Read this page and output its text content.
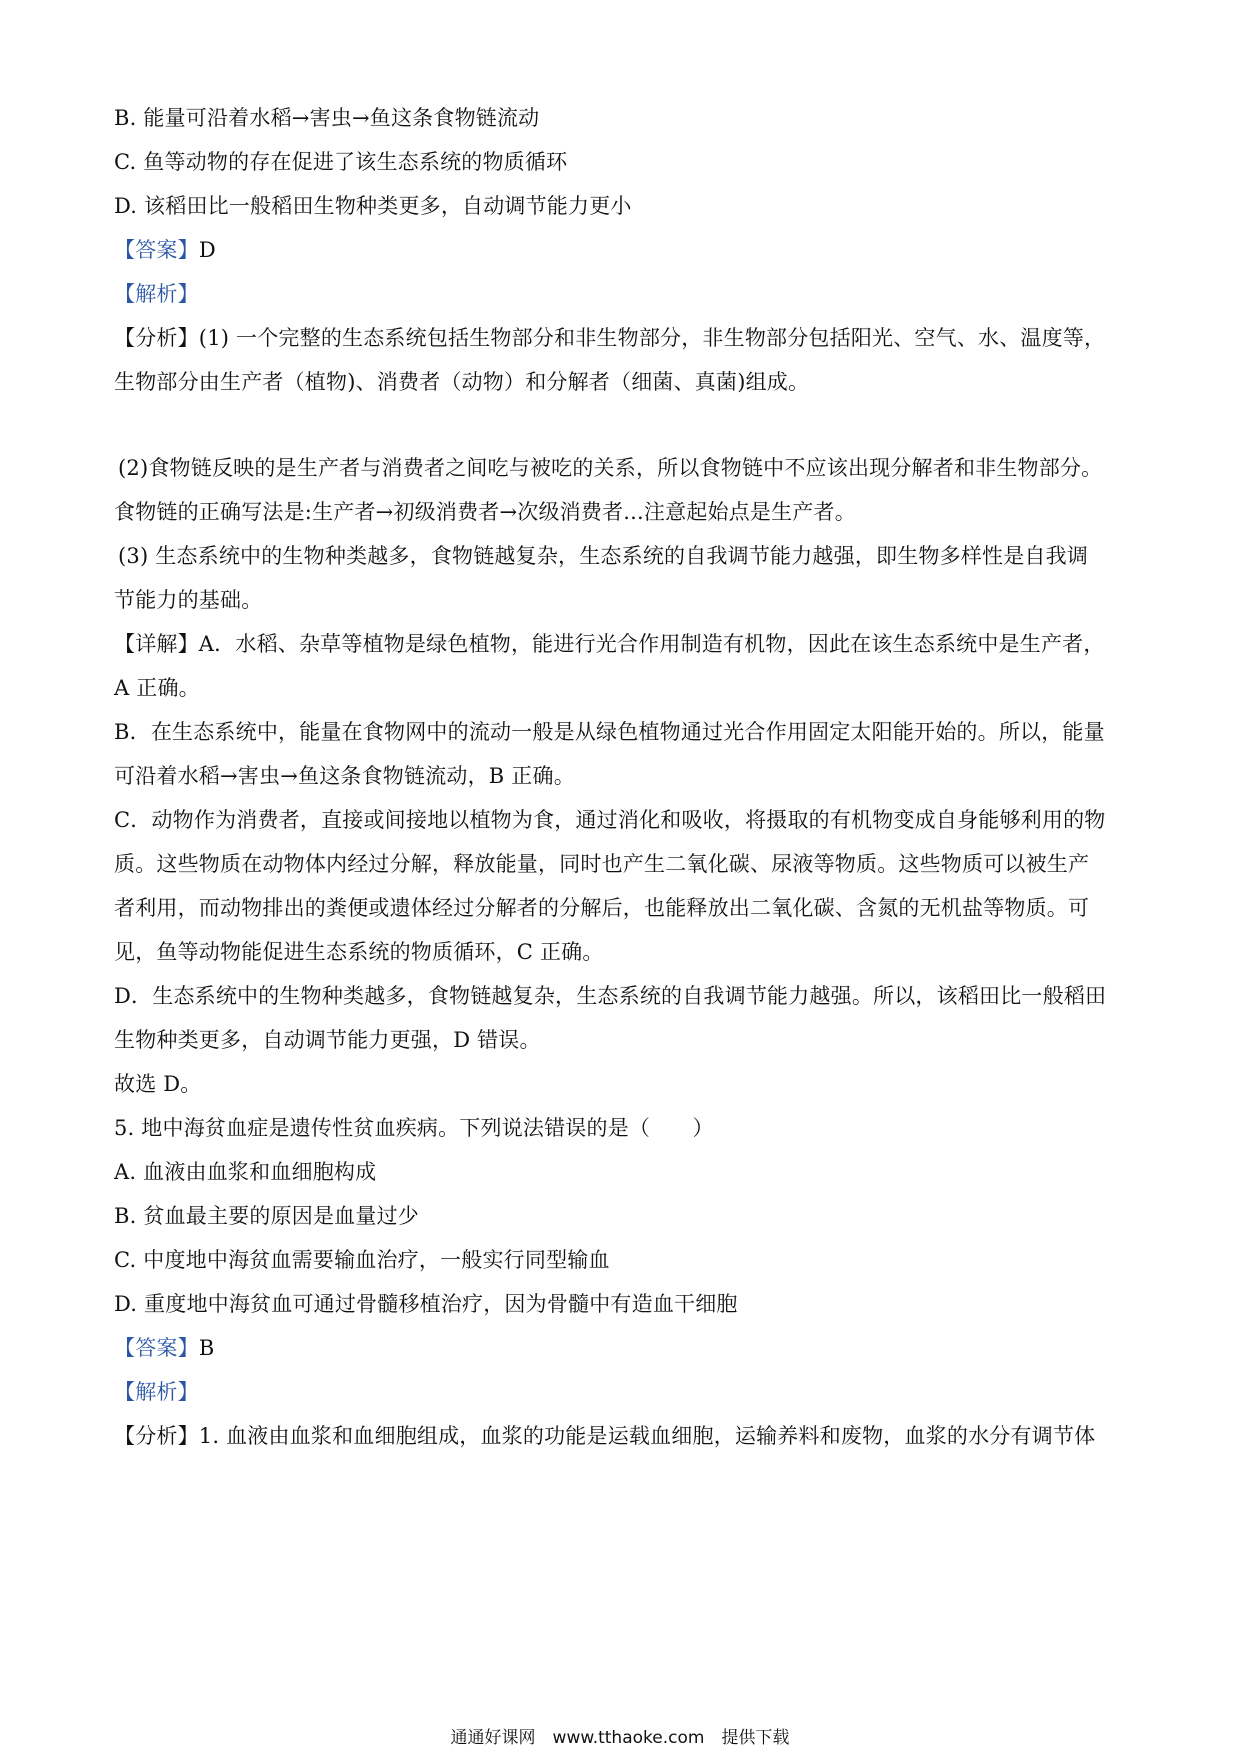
B. 能量可沿着水稻→害虫→鱼这条食物链流动
C. 鱼等动物的存在促进了该生态系统的物质循环
D. 该稻田比一般稻田生物种类更多，自动调节能力更小
【答案】D
【解析】
【分析】(1) 一个完整的生态系统包括生物部分和非生物部分，非生物部分包括阳光、空气、水、温度等，
生物部分由生产者（植物)、消费者（动物）和分解者（细菌、真菌)组成。
(2)食物链反映的是生产者与消费者之间吃与被吃的关系，所以食物链中不应该出现分解者和非生物部分。
食物链的正确写法是:生产者→初级消费者→次级消费者...注意起始点是生产者。
(3) 生态系统中的生物种类越多，食物链越复杂，生态系统的自我调节能力越强，即生物多样性是自我调
节能力的基础。
【详解】A．水稻、杂草等植物是绿色植物，能进行光合作用制造有机物，因此在该生态系统中是生产者，
A 正确。
B．在生态系统中，能量在食物网中的流动一般是从绿色植物通过光合作用固定太阳能开始的。所以，能量
可沿着水稻→害虫→鱼这条食物链流动，B 正确。
C．动物作为消费者，直接或间接地以植物为食，通过消化和吸收，将摄取的有机物变成自身能够利用的物
质。这些物质在动物体内经过分解，释放能量，同时也产生二氧化碳、尿液等物质。这些物质可以被生产
者利用，而动物排出的粪便或遗体经过分解者的分解后，也能释放出二氧化碳、含氮的无机盐等物质。可
见，鱼等动物能促进生态系统的物质循环，C 正确。
D．生态系统中的生物种类越多，食物链越复杂，生态系统的自我调节能力越强。所以，该稻田比一般稻田
生物种类更多，自动调节能力更强，D 错误。
故选 D。
5. 地中海贫血症是遗传性贫血疾病。下列说法错误的是（　　）
A. 血液由血浆和血细胞构成
B. 贫血最主要的原因是血量过少
C. 中度地中海贫血需要输血治疗，一般实行同型输血
D. 重度地中海贫血可通过骨髓移植治疗，因为骨髓中有造血干细胞
【答案】B
【解析】
【分析】1. 血液由血浆和血细胞组成，血浆的功能是运载血细胞，运输养料和废物，血浆的水分有调节体
通通好课网　www.tthaoke.com　提供下载
